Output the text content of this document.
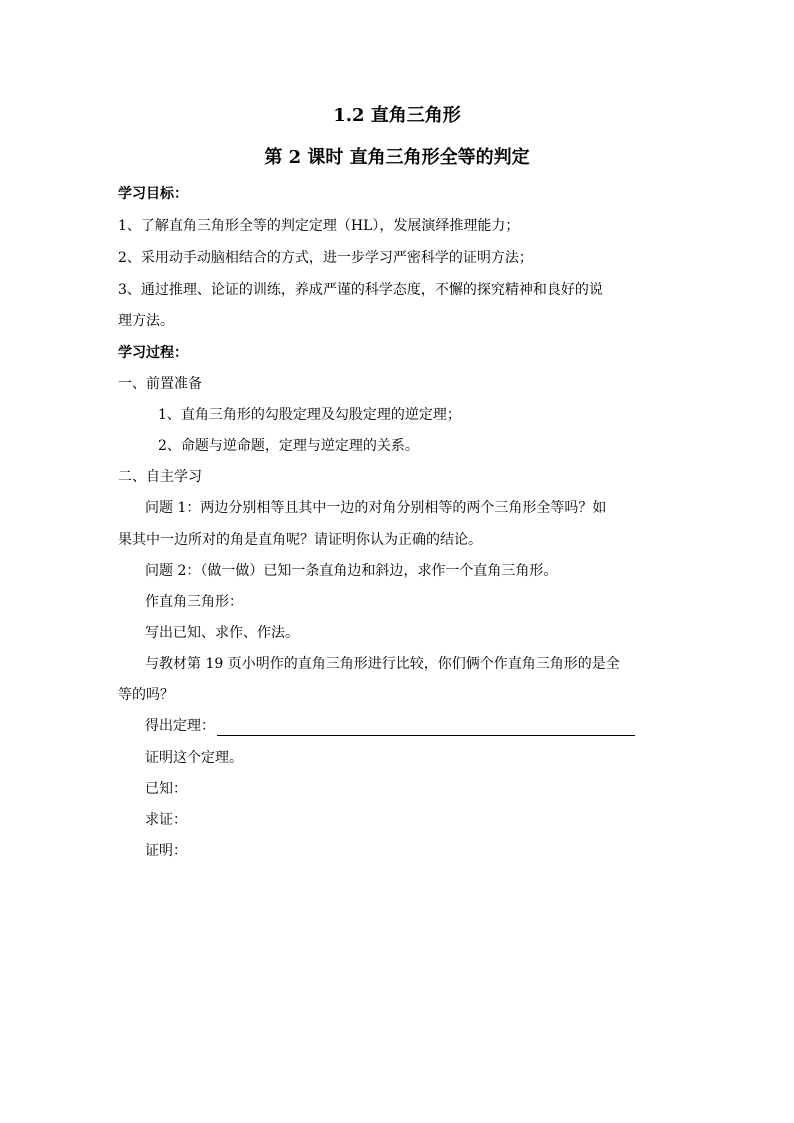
1.2 直角三角形
第 2 课时 直角三角形全等的判定
学习目标：
1、了解直角三角形全等的判定定理（HL），发展演绎推理能力；
2、采用动手动脑相结合的方式，进一步学习严密科学的证明方法；
3、通过推理、论证的训练，养成严谨的科学态度，不懈的探究精神和良好的说
理方法。
学习过程：
一、前置准备
1、直角三角形的勾股定理及勾股定理的逆定理；
2、命题与逆命题，定理与逆定理的关系。
二、自主学习
问题 1：两边分别相等且其中一边的对角分别相等的两个三角形全等吗？如
果其中一边所对的角是直角呢？请证明你认为正确的结论。
问题 2：（做一做）已知一条直角边和斜边，求作一个直角三角形。
作直角三角形：
写出已知、求作、作法。
与教材第 19 页小明作的直角三角形进行比较，你们俩个作直角三角形的是全
等的吗？
得出定理：
证明这个定理。
已知：
求证：
证明：
